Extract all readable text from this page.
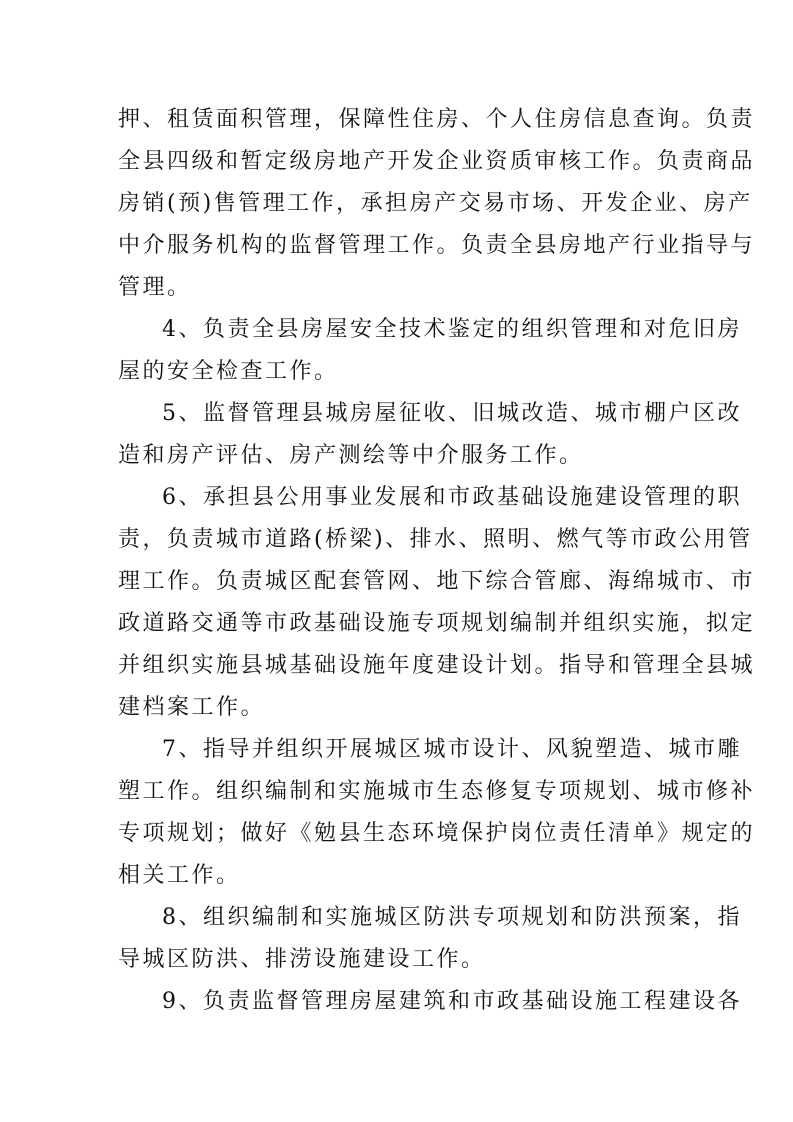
押、租赁面积管理，保障性住房、个人住房信息查询。负责
全县四级和暂定级房地产开发企业资质审核工作。负责商品
房销(预)售管理工作，承担房产交易市场、开发企业、房产
中介服务机构的监督管理工作。负责全县房地产行业指导与
管理。
4、负责全县房屋安全技术鉴定的组织管理和对危旧房
屋的安全检查工作。
5、监督管理县城房屋征收、旧城改造、城市棚户区改
造和房产评估、房产测绘等中介服务工作。
6、承担县公用事业发展和市政基础设施建设管理的职
责，负责城市道路(桥梁)、排水、照明、燃气等市政公用管
理工作。负责城区配套管网、地下综合管廊、海绵城市、市
政道路交通等市政基础设施专项规划编制并组织实施，拟定
并组织实施县城基础设施年度建设计划。指导和管理全县城
建档案工作。
7、指导并组织开展城区城市设计、风貌塑造、城市雕
塑工作。组织编制和实施城市生态修复专项规划、城市修补
专项规划；做好《勉县生态环境保护岗位责任清单》规定的
相关工作。
8、组织编制和实施城区防洪专项规划和防洪预案，指
导城区防洪、排涝设施建设工作。
9、负责监督管理房屋建筑和市政基础设施工程建设各
